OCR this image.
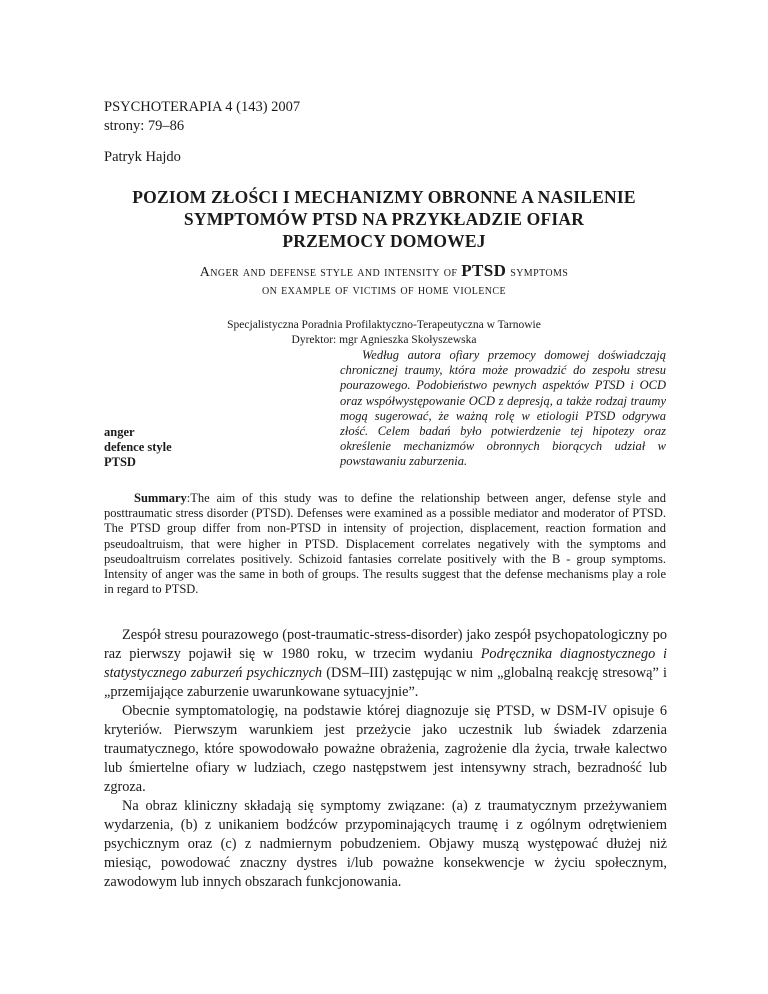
PSYCHOTERAPIA 4 (143) 2007
strony: 79–86
Patryk Hajdo
POZIOM ZŁOŚCI I MECHANIZMY OBRONNE A NASILENIE
SYMPTOMÓW PTSD NA PRZYKŁADZIE OFIAR
PRZEMOCY DOMOWEJ
Anger and defense style and intensity of PTSD symptoms
on example of victims of home violence
Specjalistyczna Poradnia Profilaktyczno-Terapeutyczna w Tarnowie
Dyrektor: mgr Agnieszka Skołyszewska
anger
defence style
PTSD
Według autora ofiary przemocy domowej doświadczają chronicznej traumy, która może prowadzić do zespołu stresu pourazowego. Podobieństwo pewnych aspektów PTSD i OCD oraz współwystępowanie OCD z depresją, a także rodzaj traumy mogą sugerować, że ważną rolę w etiologii PTSD odgrywa złość. Celem badań było potwierdzenie tej hipotezy oraz określenie mechanizmów obronnych biorących udział w powstawaniu zaburzenia.
Summary:The aim of this study was to define the relationship between anger, defense style and posttraumatic stress disorder (PTSD). Defenses were examined as a possible mediator and moderator of PTSD. The PTSD group differ from non-PTSD in intensity of projection, displacement, reaction formation and pseudoaltruism, that were higher in PTSD. Displacement correlates negatively with the symptoms and pseudoaltruism correlates positively. Schizoid fantasies correlate positively with the B - group symptoms. Intensity of anger was the same in both of groups. The results suggest that the defense mechanisms play a role in regard to PTSD.

Zespół stresu pourazowego (post-traumatic-stress-disorder) jako zespół psychopatologiczny po raz pierwszy pojawił się w 1980 roku, w trzecim wydaniu Podręcznika diagnostycznego i statystycznego zaburzeń psychicznych (DSM–III) zastępując w nim „globalną reakcję stresową” i „przemijające zaburzenie uwarunkowane sytuacyjnie”.

Obecnie symptomatologię, na podstawie której diagnozuje się PTSD, w DSM-IV opisuje 6 kryteriów. Pierwszym warunkiem jest przeżycie jako uczestnik lub świadek zdarzenia traumatycznego, które spowodowało poważne obrażenia, zagrożenie dla życia, trwałe kalectwo lub śmiertelne ofiary w ludziach, czego następstwem jest intensywny strach, bezradność lub zgroza.

Na obraz kliniczny składają się symptomy związane: (a) z traumatycznym przeżywaniem wydarzenia, (b) z unikaniem bodźców przypominających traumę i z ogólnym odrętwieniem psychicznym oraz (c) z nadmiernym pobudzeniem. Objawy muszą występować dłużej niż miesiąc, powodować znaczny dystres i/lub poważne konsekwencje w życiu społecznym, zawodowym lub innych obszarach funkcjonowania.
